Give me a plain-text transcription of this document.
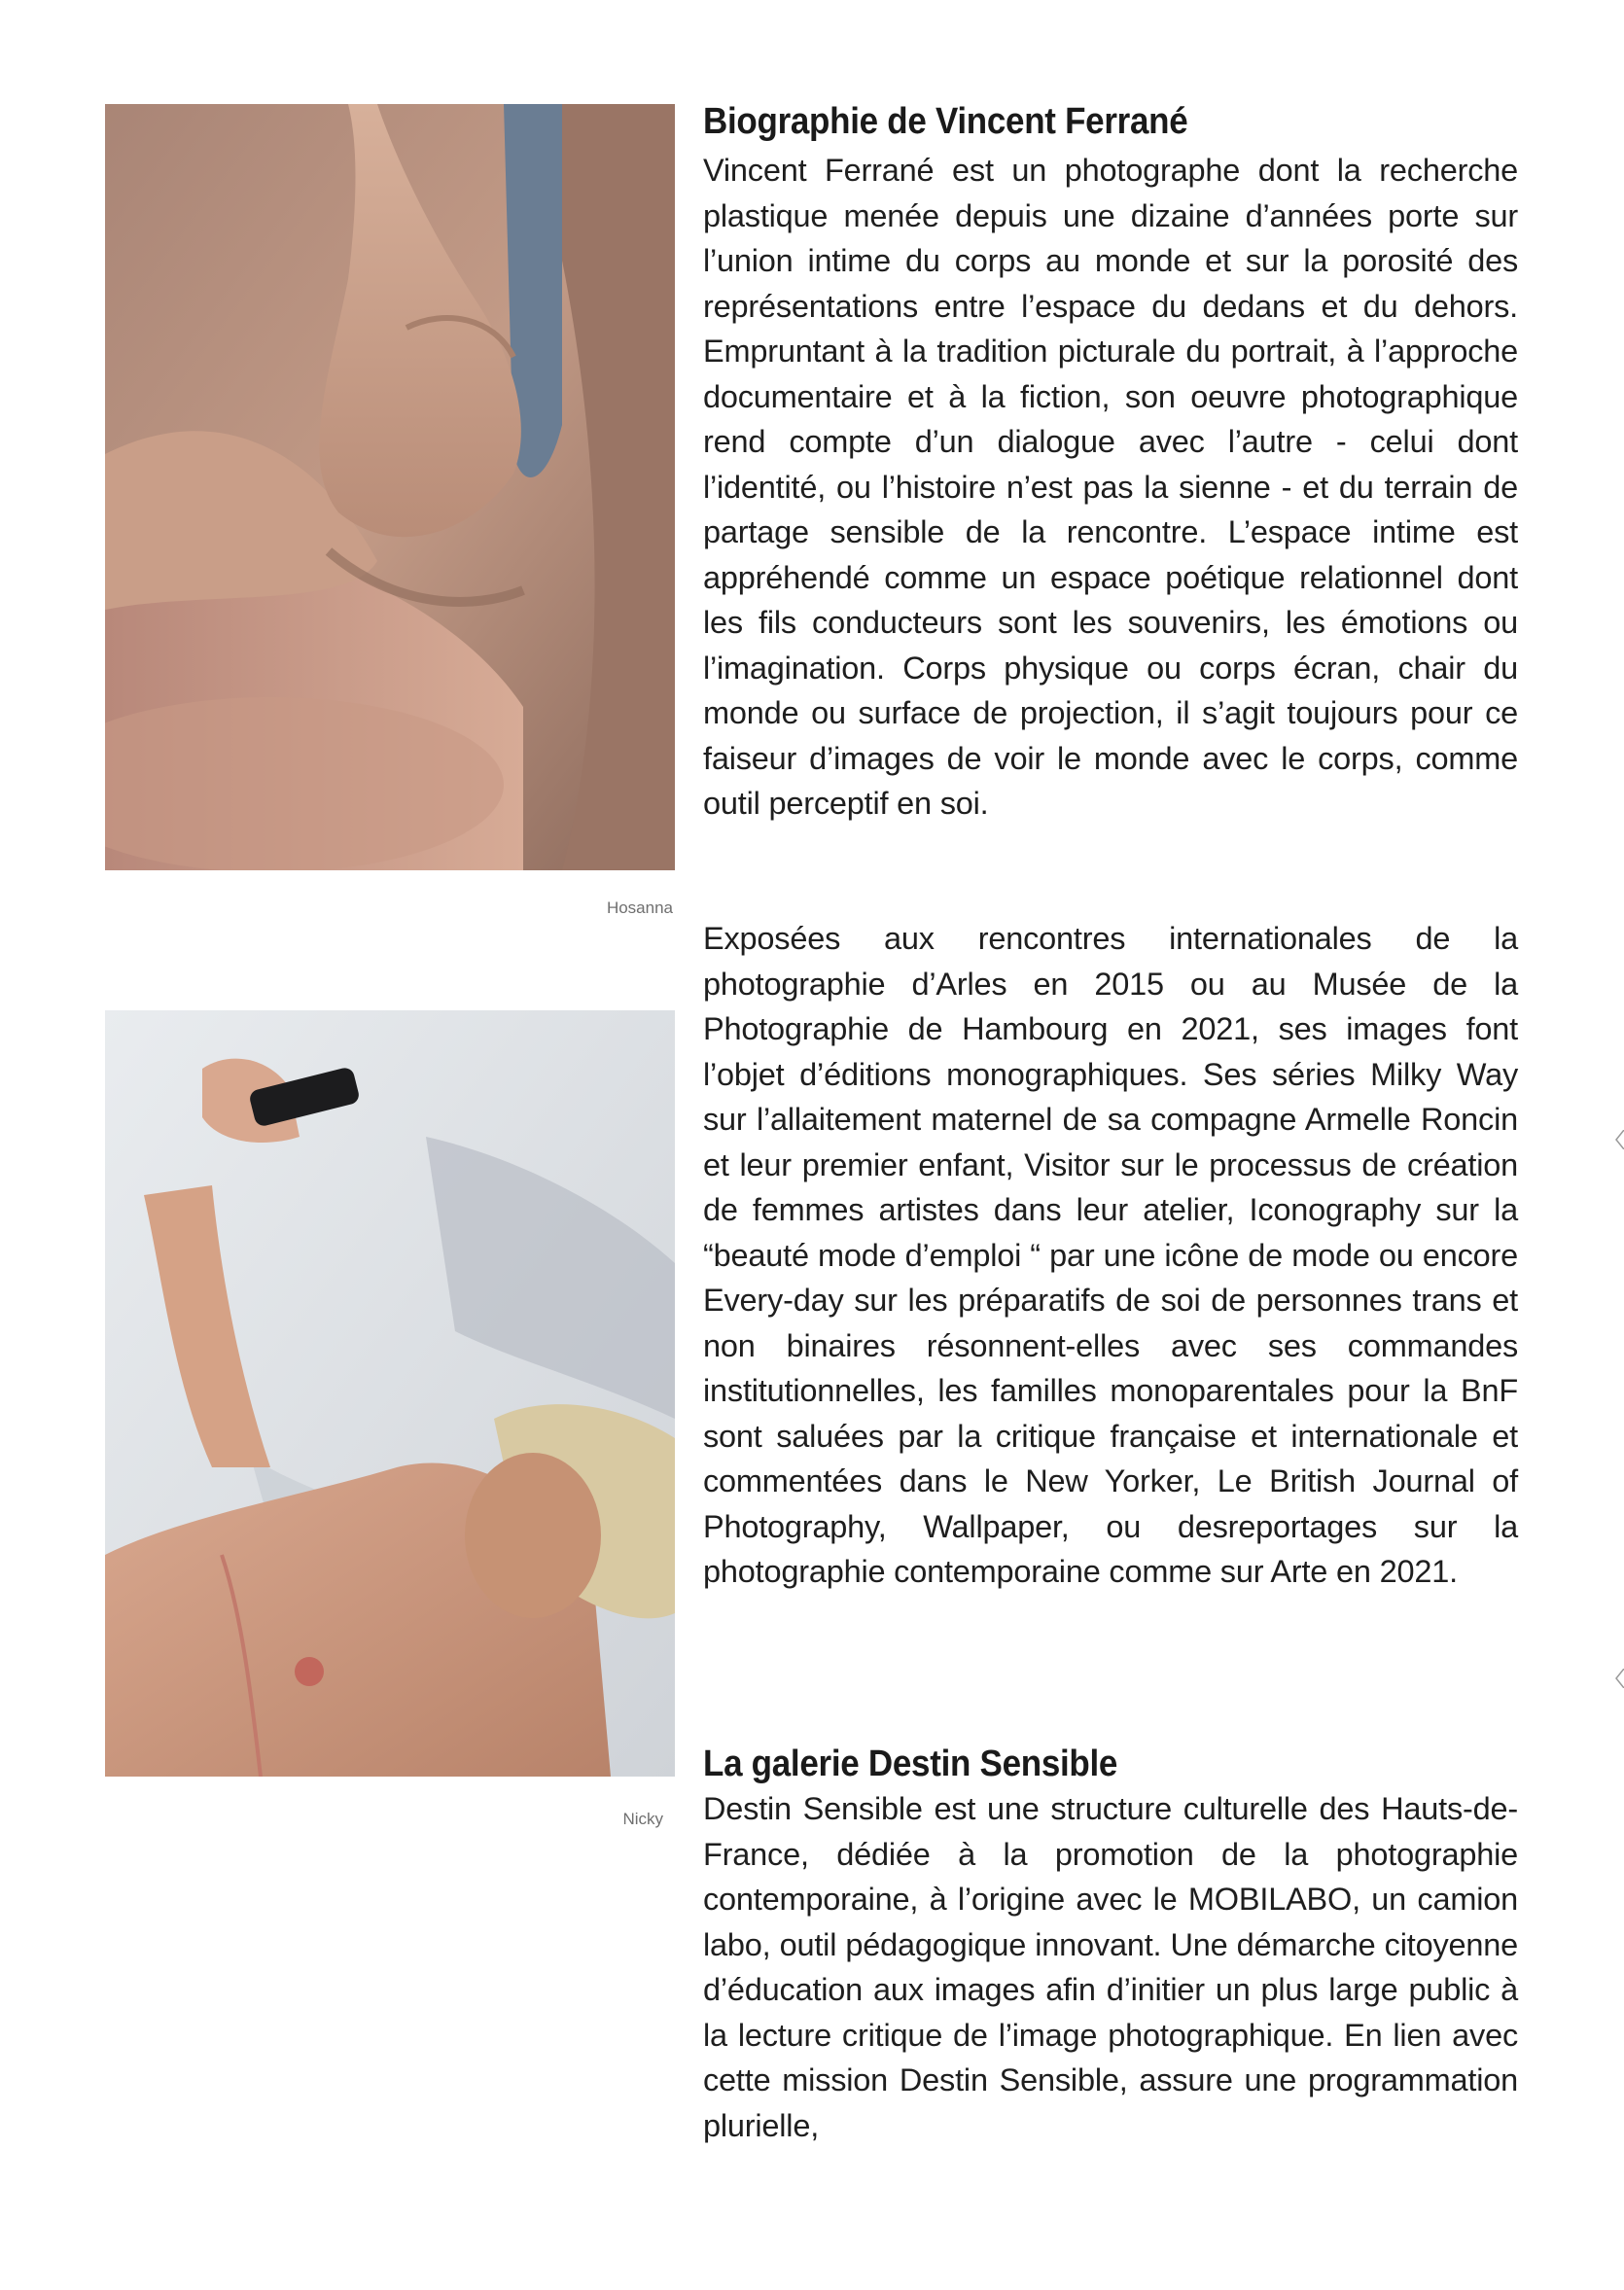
Hosanna
Nicky
Biographie de Vincent Ferrané

Vincent Ferrané est un photographe dont la recherche plastique menée depuis une dizaine d’années porte sur l’union intime du corps au monde et sur la porosité des représentations entre l’espace du dedans et du dehors. Empruntant à la tradition picturale du portrait, à l’approche documentaire et à la fiction, son oeuvre photographique rend compte d’un dialogue avec l’autre - celui dont l’identité, ou l’histoire n’est pas la sienne - et du terrain de partage sensible de la rencontre. L’espace intime est appréhendé comme un espace poétique relationnel dont les fils conducteurs sont les souvenirs, les émotions ou l’imagination. Corps physique ou corps écran, chair du monde ou surface de projection, il s’agit toujours pour ce faiseur d’images de voir le monde avec le corps, comme outil perceptif en soi.

Exposées aux rencontres internationales de la photographie d’Arles en 2015 ou au Musée de la Photographie de Hambourg en 2021, ses images font l’objet d’éditions monographiques. Ses séries Milky Way sur l’allaitement maternel de sa compagne Armelle Roncin et leur premier enfant, Visitor sur le processus de création de femmes artistes dans leur atelier, Iconography sur la “beauté mode d’emploi “ par une icône de mode ou encore Every-day sur les préparatifs de soi de personnes trans et non binaires résonnent-elles avec ses commandes institutionnelles, les familles monoparentales pour la BnF sont saluées par la critique française et internationale et commentées dans le New Yorker, Le British Journal of Photography, Wallpaper, ou desreportages sur la photographie contemporaine comme sur Arte en 2021.

La galerie Destin Sensible

Destin Sensible est une structure culturelle des Hauts-de-France, dédiée à la promotion de la photographie contemporaine, à l’origine avec le MOBILABO, un camion labo, outil pédagogique innovant. Une démarche citoyenne d’éducation aux images afin d’initier un plus large public à la lecture critique de l’image photographique. En lien avec cette mission Destin Sensible, assure une programmation plurielle,
